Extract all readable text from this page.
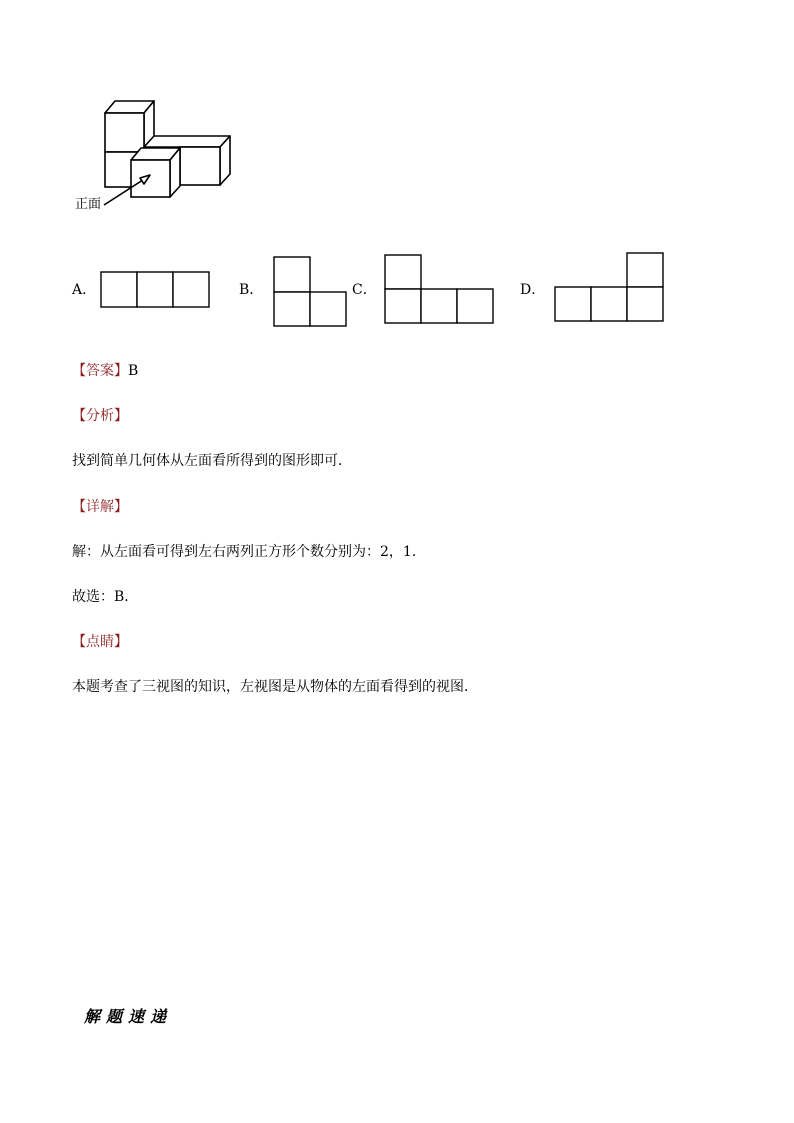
正面
A．	B．	C．	D．
【答案】B
【分析】
找到简单几何体从左面看所得到的图形即可．
【详解】
解：从左面看可得到左右两列正方形个数分别为：2，1．
故选：B．
【点睛】
本题考查了三视图的知识，左视图是从物体的左面看得到的视图．
解题速递
